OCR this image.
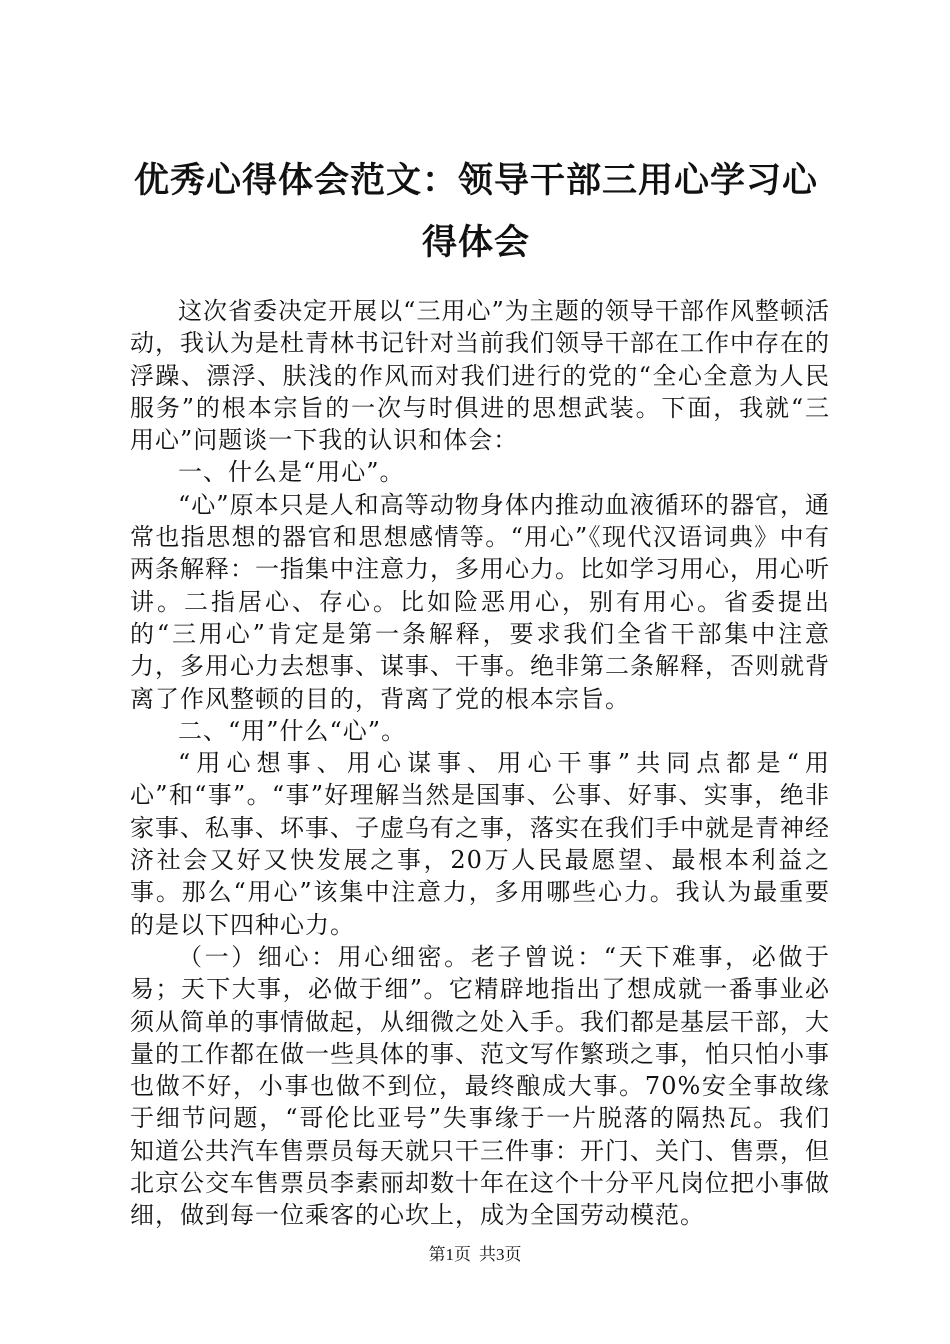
优秀心得体会范文：领导干部三用心学习心得体会

这次省委决定开展以“三用心”为主题的领导干部作风整顿活动，我认为是杜青林书记针对当前我们领导干部在工作中存在的浮躁、漂浮、肤浅的作风而对我们进行的党的“全心全意为人民服务”的根本宗旨的一次与时俱进的思想武装。下面，我就“三用心”问题谈一下我的认识和体会：

一、什么是“用心”。

“心”原本只是人和高等动物身体内推动血液循环的器官，通常也指思想的器官和思想感情等。“用心”《现代汉语词典》中有两条解释：一指集中注意力，多用心力。比如学习用心，用心听讲。二指居心、存心。比如险恶用心，别有用心。省委提出的“三用心”肯定是第一条解释，要求我们全省干部集中注意力，多用心力去想事、谋事、干事。绝非第二条解释，否则就背离了作风整顿的目的，背离了党的根本宗旨。

二、“用”什么“心”。

“用心想事、用心谋事、用心干事”共同点都是“用心”和“事”。“事”好理解当然是国事、公事、好事、实事，绝非家事、私事、坏事、子虚乌有之事，落实在我们手中就是青神经济社会又好又快发展之事，20万人民最愿望、最根本利益之事。那么“用心”该集中注意力，多用哪些心力。我认为最重要的是以下四种心力。

（一）细心：用心细密。老子曾说：“天下难事，必做于易；天下大事，必做于细”。它精辟地指出了想成就一番事业必须从简单的事情做起，从细微之处入手。我们都是基层干部，大量的工作都在做一些具体的事、范文写作繁琐之事，怕只怕小事也做不好，小事也做不到位，最终酿成大事。70%安全事故缘于细节问题，“哥伦比亚号”失事缘于一片脱落的隔热瓦。我们知道公共汽车售票员每天就只干三件事：开门、关门、售票，但北京公交车售票员李素丽却数十年在这个十分平凡岗位把小事做细，做到每一位乘客的心坎上，成为全国劳动模范。

第1页 共3页
